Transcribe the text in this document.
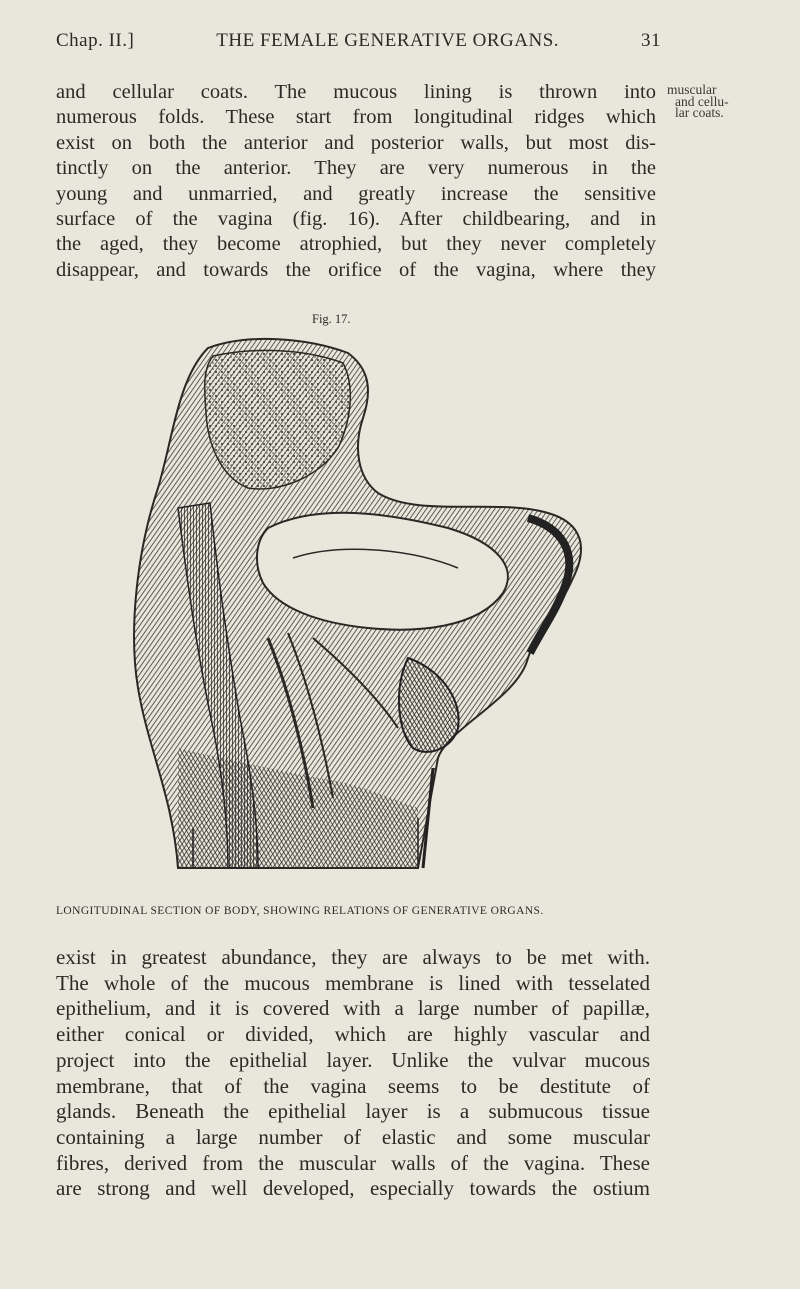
Chap. II.]	THE FEMALE GENERATIVE ORGANS.	31
muscular
and cellu-
lar coats.
and cellular coats. The mucous lining is thrown into
numerous folds. These start from longitudinal ridges which
exist on both the anterior and posterior walls, but most dis-
tinctly on the anterior. They are very numerous in the
young and unmarried, and greatly increase the sensitive
surface of the vagina (fig. 16). After childbearing, and in
the aged, they become atrophied, but they never completely
disappear, and towards the orifice of the vagina, where they
Fig. 17.
LONGITUDINAL SECTION OF BODY, SHOWING RELATIONS OF GENERATIVE ORGANS.
exist in greatest abundance, they are always to be met with.
The whole of the mucous membrane is lined with tesselated
epithelium, and it is covered with a large number of papillæ,
either conical or divided, which are highly vascular and
project into the epithelial layer. Unlike the vulvar mucous
membrane, that of the vagina seems to be destitute of
glands. Beneath the epithelial layer is a submucous tissue
containing a large number of elastic and some muscular
fibres, derived from the muscular walls of the vagina. These
are strong and well developed, especially towards the ostium
